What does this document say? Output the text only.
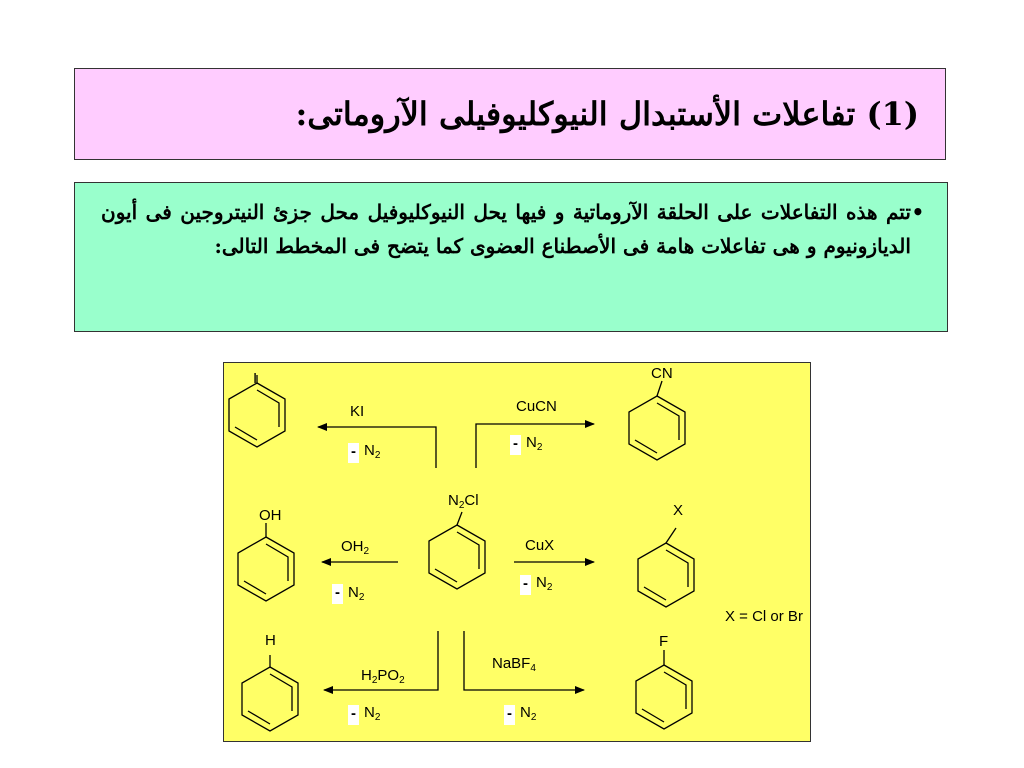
(1) تفاعلات الأستبدال النيوكليوفيلى الآروماتى:
•
تتم هذه التفاعلات على الحلقة الآروماتية و فيها يحل النيوكليوفيل محل جزئ النيتروجين فى أيون الديازونيوم و هى تفاعلات هامة فى الأصطناع العضوى كما يتضح فى المخطط التالى:
I	CN
$N_2Cl$
OH	X
X = Cl or Br
H	F
KI	CuCN
$OH_2$	CuX
$H_2PO_2$
NaBF$_4$
- $N_2$
- $N_2$
- $N_2$
- $N_2$
- $N_2$	- $N_2$
